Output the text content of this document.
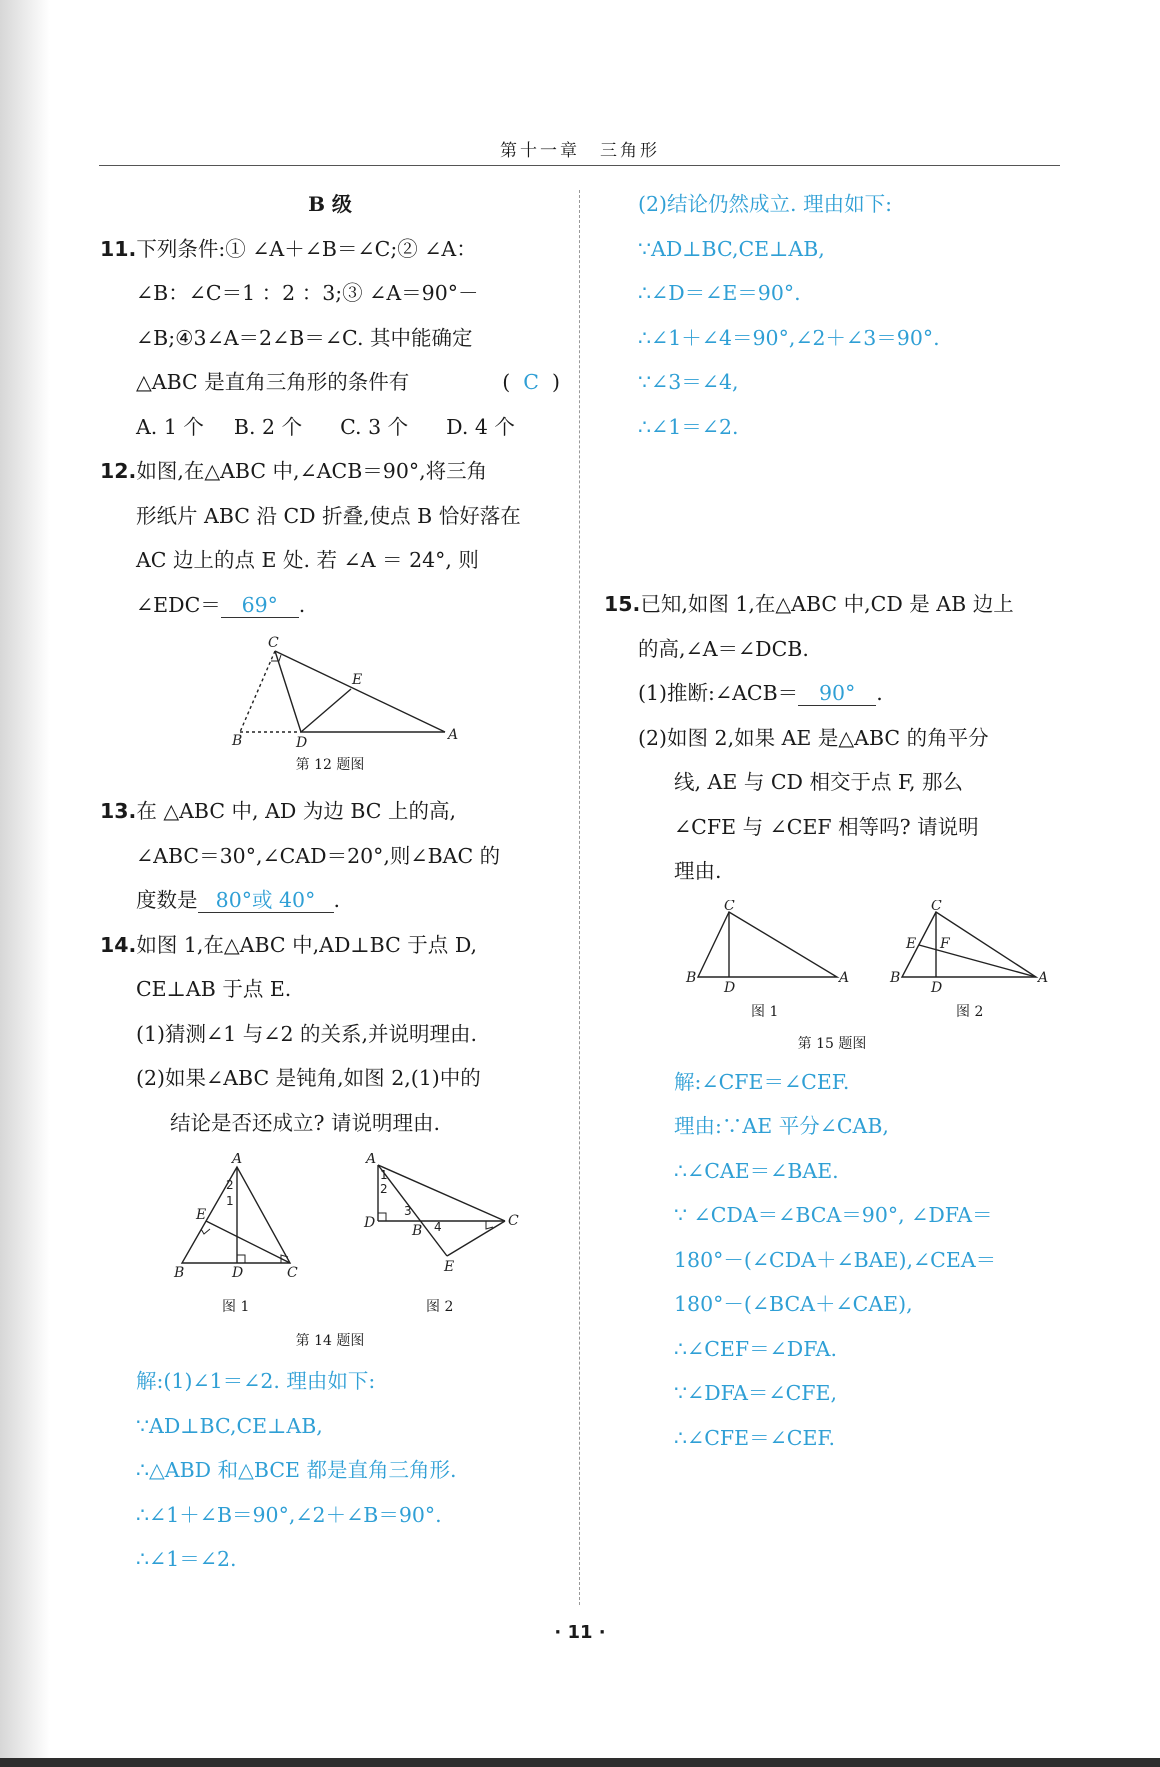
第十一章　三角形
B 级
11.下列条件:① ∠A＋∠B＝∠C;② ∠A：
∠B：∠C＝1 ：2 ：3;③ ∠A＝90°－
∠B;④3∠A＝2∠B＝∠C. 其中能确定
△ABC 是直角三角形的条件有	( C )
A. 1 个 B. 2 个 C. 3 个 D. 4 个
12.如图,在△ABC 中,∠ACB＝90°,将三角
形纸片 ABC 沿 CD 折叠,使点 B 恰好落在
AC 边上的点 E 处. 若 ∠A ＝ 24°, 则
∠EDC＝ 69° .
C
E
B	D	A
第 12 题图
13.在 △ABC 中, AD 为边 BC 上的高,
∠ABC＝30°,∠CAD＝20°,则∠BAC 的
度数是 80°或 40° .
14.如图 1,在△ABC 中,AD⊥BC 于点 D,
CE⊥AB 于点 E.
(1)猜测∠1 与∠2 的关系,并说明理由.
(2)如果∠ABC 是钝角,如图 2,(1)中的
结论是否还成立? 请说明理由.
A
E
1
2
B	D	C
A
1
2
D
3
B 4	C
E
图 1	图 2
第 14 题图
解:(1)∠1＝∠2. 理由如下:
∵AD⊥BC,CE⊥AB,
∴△ABD 和△BCE 都是直角三角形.
∴∠1＋∠B＝90°,∠2＋∠B＝90°.
∴∠1＝∠2.
(2)结论仍然成立. 理由如下:
∵AD⊥BC,CE⊥AB,
∴∠D＝∠E＝90°.
∴∠1＋∠4＝90°,∠2＋∠3＝90°.
∵∠3＝∠4,
∴∠1＝∠2.
15.已知,如图 1,在△ABC 中,CD 是 AB 边上
的高,∠A＝∠DCB.
(1)推断:∠ACB＝ 90° .
(2)如图 2,如果 AE 是△ABC 的角平分
线, AE 与 CD 相交于点 F, 那么
∠CFE 与 ∠CEF 相等吗? 请说明
理由.
C
B
D
A
C
E F
B
D
A
图 1	图 2
第 15 题图
解:∠CFE＝∠CEF.
理由:∵AE 平分∠CAB,
∴∠CAE＝∠BAE.
∵ ∠CDA＝∠BCA＝90°, ∠DFA＝
180°－(∠CDA＋∠BAE),∠CEA＝
180°－(∠BCA＋∠CAE),
∴∠CEF＝∠DFA.
∵∠DFA＝∠CFE,
∴∠CFE＝∠CEF.
· 11 ·
